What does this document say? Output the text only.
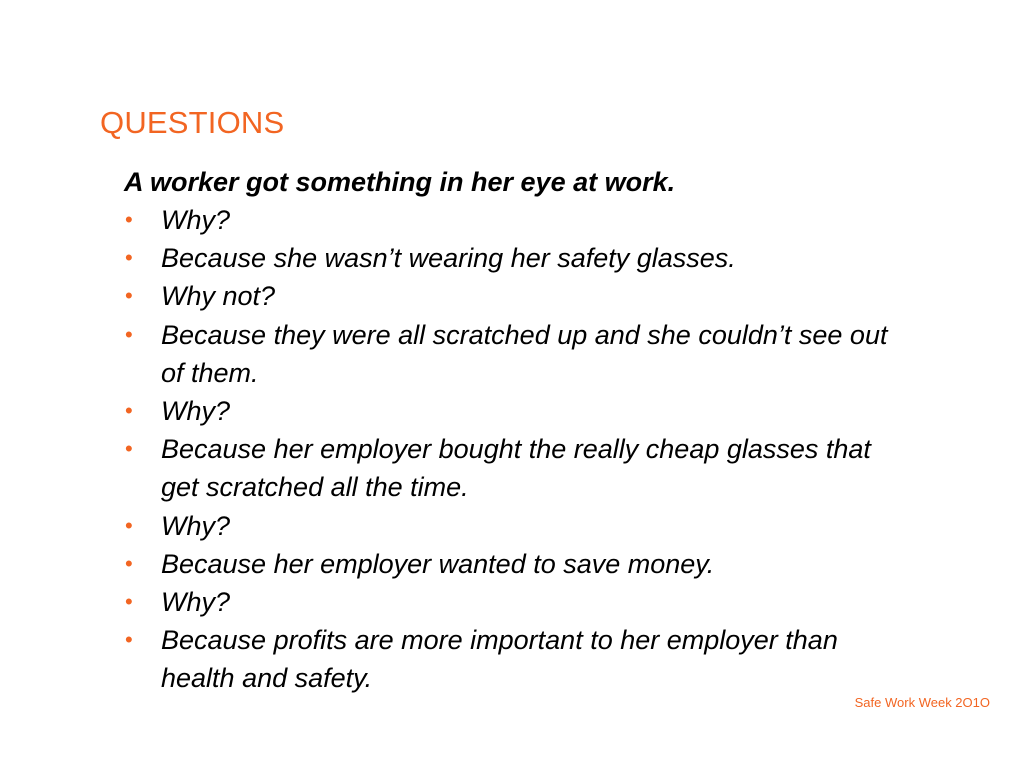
QUESTIONS

A worker got something in her eye at work.

•	Why?
•	Because she wasn’t wearing her safety glasses.
•	Why not?
•	Because they were all scratched up and she couldn’t see out of them.
•	Why?
•	Because her employer bought the really cheap glasses that get scratched all the time.
•	Why?
•	Because her employer wanted to save money.
•	Why?
•	Because profits are more important to her employer than health and safety.

Safe Work Week 2O1O
